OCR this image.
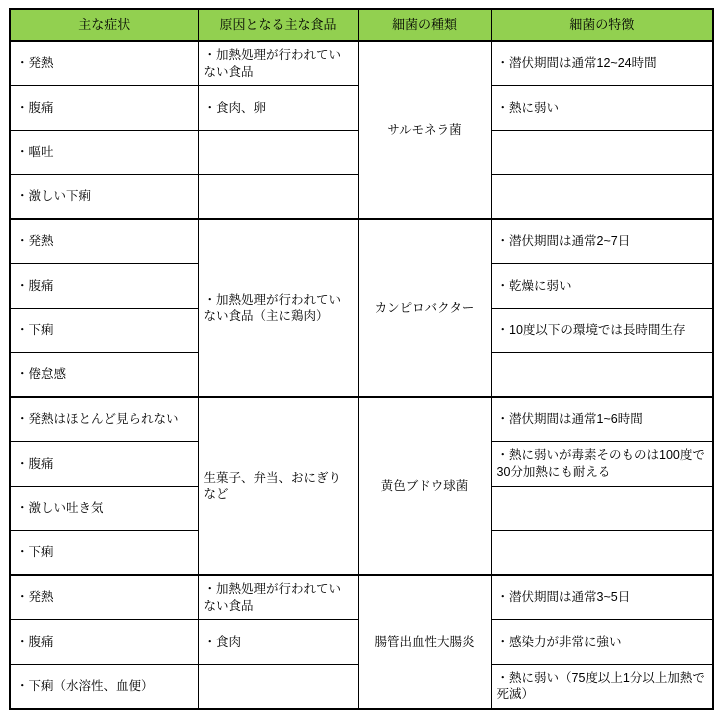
主な症状	原因となる主な食品	細菌の種類	細菌の特徴

・発熱	・加熱処理が行われていない食品	サルモネラ菌	・潜伏期間は通常12~24時間

・腹痛	・食肉、卵		・熱に弱い

・嘔吐			

・激しい下痢			

・発熱	・加熱処理が行われていない食品（主に鶏肉）	カンピロバクター	・潜伏期間は通常2~7日

・腹痛			・乾燥に弱い

・下痢			・10度以下の環境では長時間生存

・倦怠感			

・発熱はほとんど見られない	生菓子、弁当、おにぎりなど	黄色ブドウ球菌	・潜伏期間は通常1~6時間

・腹痛			・熱に弱いが毒素そのものは100度で30分加熱にも耐える

・激しい吐き気			

・下痢			

・発熱	・加熱処理が行われていない食品	腸管出血性大腸炎	・潜伏期間は通常3~5日

・腹痛	・食肉		・感染力が非常に強い

・下痢（水溶性、血便）			・熱に弱い（75度以上1分以上加熱で死滅）
